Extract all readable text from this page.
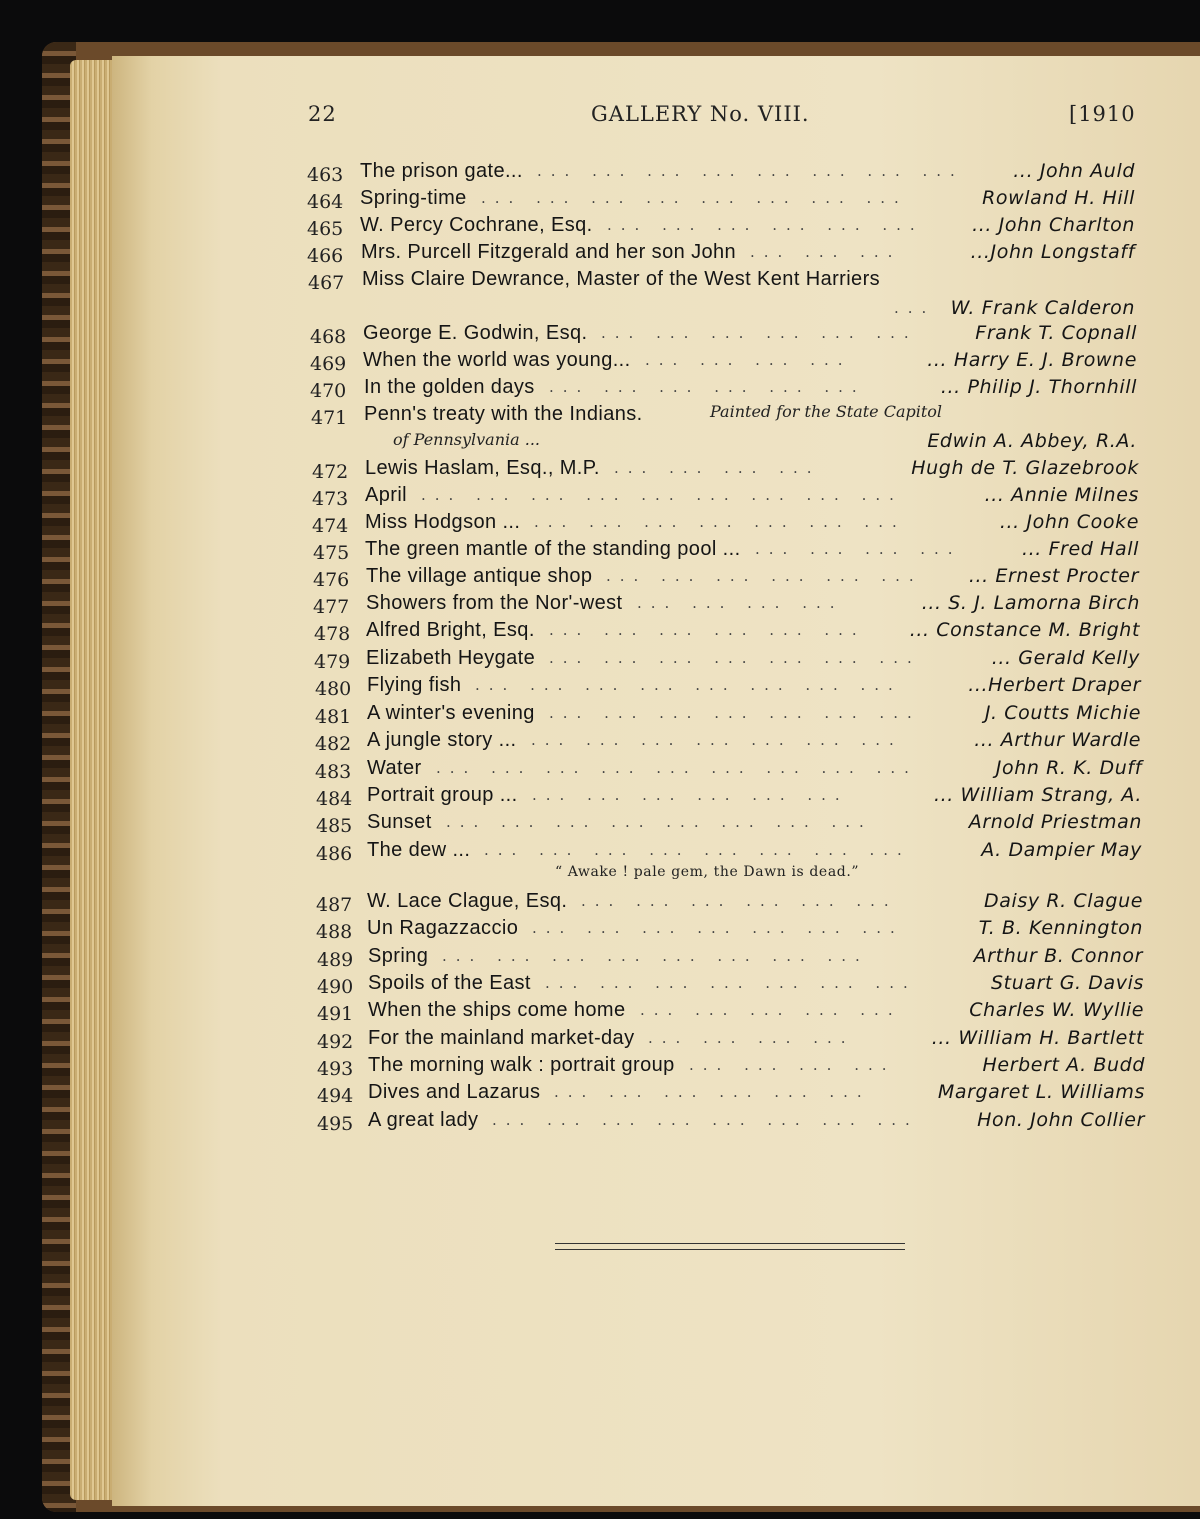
22	GALLERY No. VIII.	[1910
463 The prison gate...	... John Auld
... ... ... ... ... ... ... ...
464 Spring-time	Rowland H. Hill
... ... ... ... ... ... ... ...
465 W. Percy Cochrane, Esq.	... John Charlton
... ... ... ... ... ...
466 Mrs. Purcell Fitzgerald and her son John	...John Longstaff
... ... ...
467 Miss Claire Dewrance, Master of the West Kent Harriers
W. Frank Calderon
...
468 George E. Godwin, Esq.	Frank T. Copnall
... ... ... ... ... ...
469 When the world was young...	... Harry E. J. Browne
... ... ... ...
470 In the golden days	... Philip J. Thornhill
... ... ... ... ... ...
471 Penn's treaty with the Indians.	Painted for the State Capitol
of Pennsylvania ...	Edwin A. Abbey, R.A.
472 Lewis Haslam, Esq., M.P.	Hugh de T. Glazebrook
... ... ... ...
473 April	... Annie Milnes
... ... ... ... ... ... ... ... ...
474 Miss Hodgson ...	... John Cooke
... ... ... ... ... ... ...
475 The green mantle of the standing pool ...	... Fred Hall
... ... ... ...
476 The village antique shop	... Ernest Procter
... ... ... ... ... ...
477 Showers from the Nor'-west	... S. J. Lamorna Birch
... ... ... ...
478 Alfred Bright, Esq.	... Constance M. Bright
... ... ... ... ... ...
479 Elizabeth Heygate	... Gerald Kelly
... ... ... ... ... ... ...
480 Flying fish	...Herbert Draper
... ... ... ... ... ... ... ...
481 A winter's evening	J. Coutts Michie
... ... ... ... ... ... ...
482 A jungle story ...	... Arthur Wardle
... ... ... ... ... ... ...
483 Water	John R. K. Duff
... ... ... ... ... ... ... ... ...
484 Portrait group ...	... William Strang, A.
... ... ... ... ... ...
485 Sunset	Arnold Priestman
... ... ... ... ... ... ... ...
486 The dew ...	A. Dampier May
... ... ... ... ... ... ... ...
“ Awake ! pale gem, the Dawn is dead.”
487 W. Lace Clague, Esq.	Daisy R. Clague
... ... ... ... ... ...
488 Un Ragazzaccio	T. B. Kennington
... ... ... ... ... ... ...
489 Spring	Arthur B. Connor
... ... ... ... ... ... ... ...
490 Spoils of the East	Stuart G. Davis
... ... ... ... ... ... ...
491 When the ships come home	Charles W. Wyllie
... ... ... ... ...
492 For the mainland market-day	... William H. Bartlett
... ... ... ...
493 The morning walk : portrait group	Herbert A. Budd
... ... ... ...
494 Dives and Lazarus	Margaret L. Williams
... ... ... ... ... ...
495 A great lady	Hon. John Collier
... ... ... ... ... ... ... ...
